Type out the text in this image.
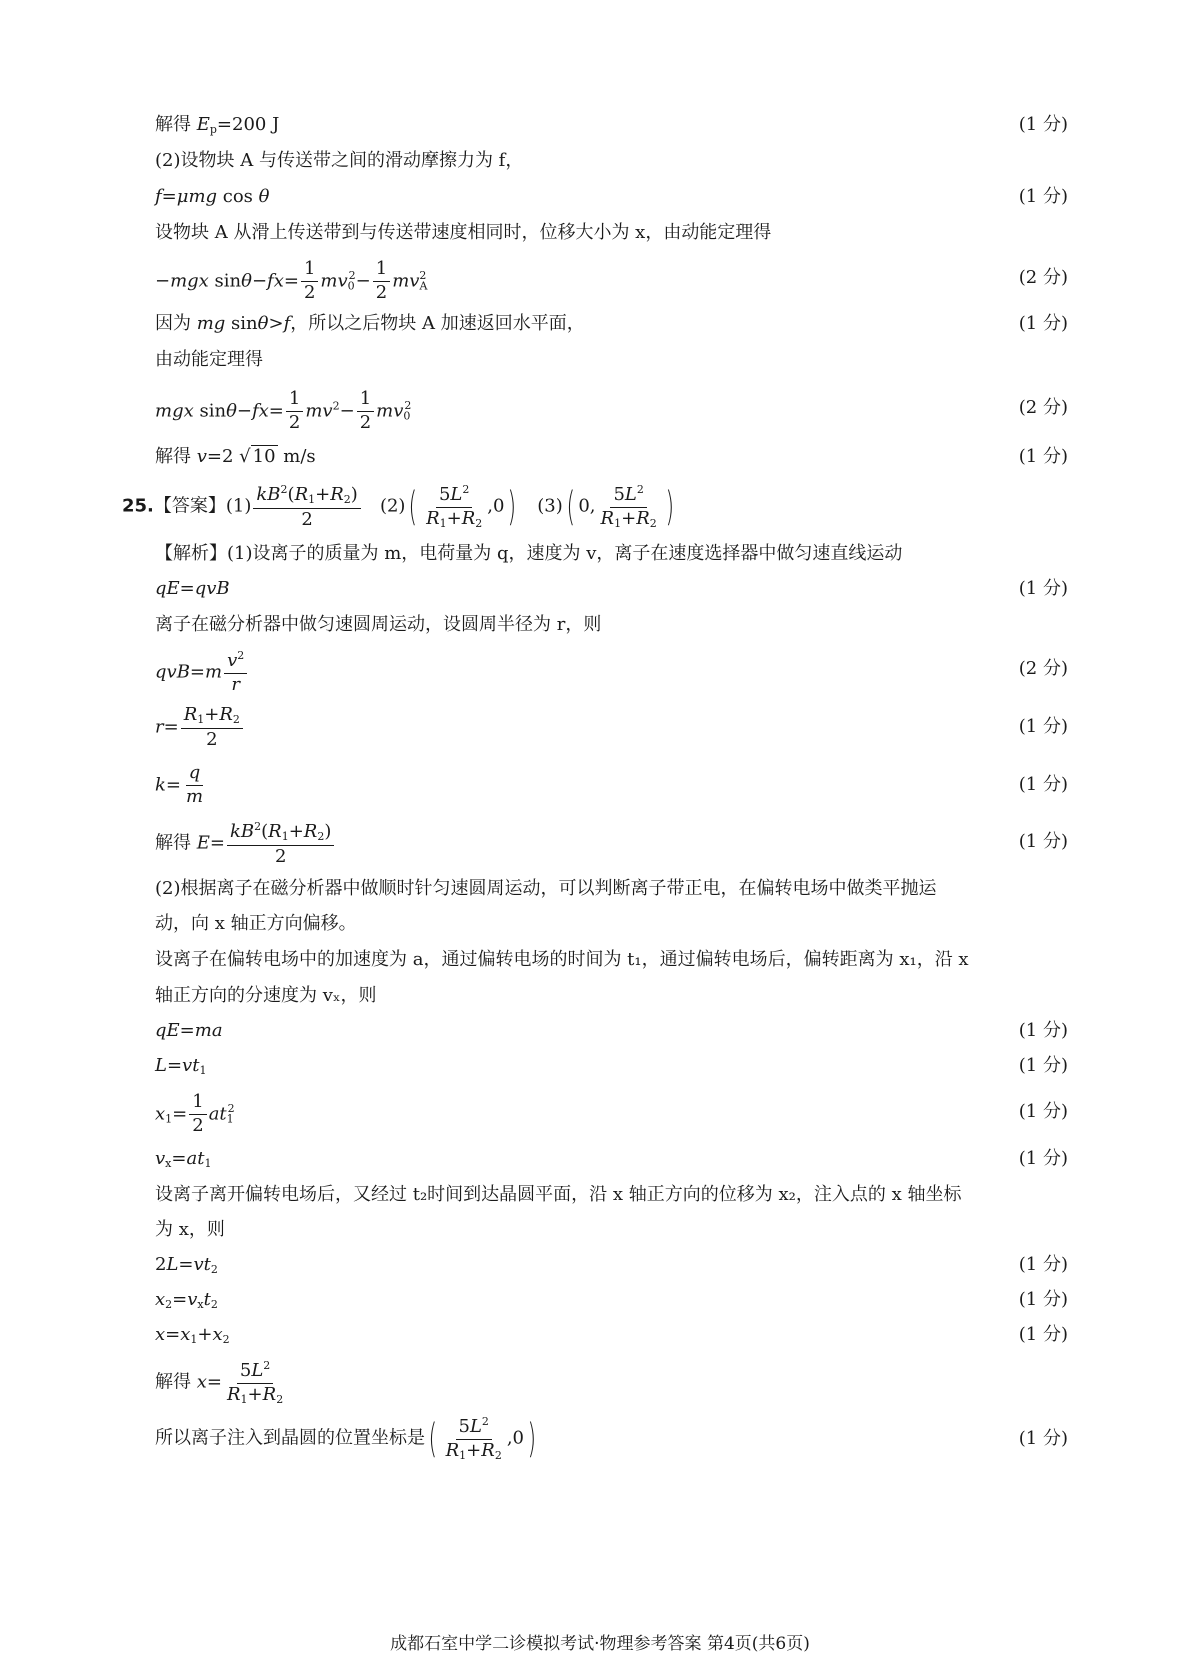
解得 $E_p=200$ J	(1 分)
(2)设物块 A 与传送带之间的滑动摩擦力为 f，
f=μmg cos θ	(1 分)
设物块 A 从滑上传送带到与传送带速度相同时，位移大小为 x，由动能定理得
−mgx $\sin\theta-fx= \frac{1}{2} mv_0^2- \frac{1}{2} mv_A^2$	(2 分)
因为 mg sinθ>f，所以之后物块 A 加速返回水平面，	(1 分)
由动能定理得
mgx $\sin\theta-fx= \frac{1}{2} mv^2- \frac{1}{2} mv_0^2$	(2 分)
解得 v=2 √ 10 m/s	(1 分)
25.【答案】$(1) \frac{kB^2(R_1+R_2)}{2} (2)( \frac{5L^2}{R_1+R_2} ,0)$   (3)( 0, $\frac{5L^2}{R_1+R_2}$ )
【解析】(1)设离子的质量为 m，电荷量为 q，速度为 v，离子在速度选择器中做匀速直线运动
qE=qvB	(1 分)
离子在磁分析器中做匀速圆周运动，设圆周半径为 r，则
$qvB=m \frac{v^2}{r}$	(2 分)
$r= \frac{R_1+R_2}{2}$	(1 分)
$k= \frac{q}{m}$	(1 分)
解得 $E= \frac{kB^2(R_1+R_2)}{2}$	(1 分)
(2)根据离子在磁分析器中做顺时针匀速圆周运动，可以判断离子带正电，在偏转电场中做类平抛运
动，向 x 轴正方向偏移。
设离子在偏转电场中的加速度为 a，通过偏转电场的时间为 t₁，通过偏转电场后，偏转距离为 x₁，沿 x
轴正方向的分速度为 vₓ，则
qE=ma	(1 分)
$L=vt_1$	(1 分)
$x_1= \frac{1}{2} at_1^2$	(1 分)
$v_x=at_1$	(1 分)
设离子离开偏转电场后，又经过 t₂时间到达晶圆平面，沿 x 轴正方向的位移为 x₂，注入点的 x 轴坐标
为 x，则
$2L=vt_2$	(1 分)
$x_2=v_xt_2$	(1 分)
$x=x_1+x_2$	(1 分)
解得 $x= \frac{5L^2}{R_1+R_2}$
所以离子注入到晶圆的位置坐标是( $\frac{5L^2}{R_1+R_2} ,0$)	(1 分)
成都石室中学二诊模拟考试·物理参考答案 第4页(共6页)
